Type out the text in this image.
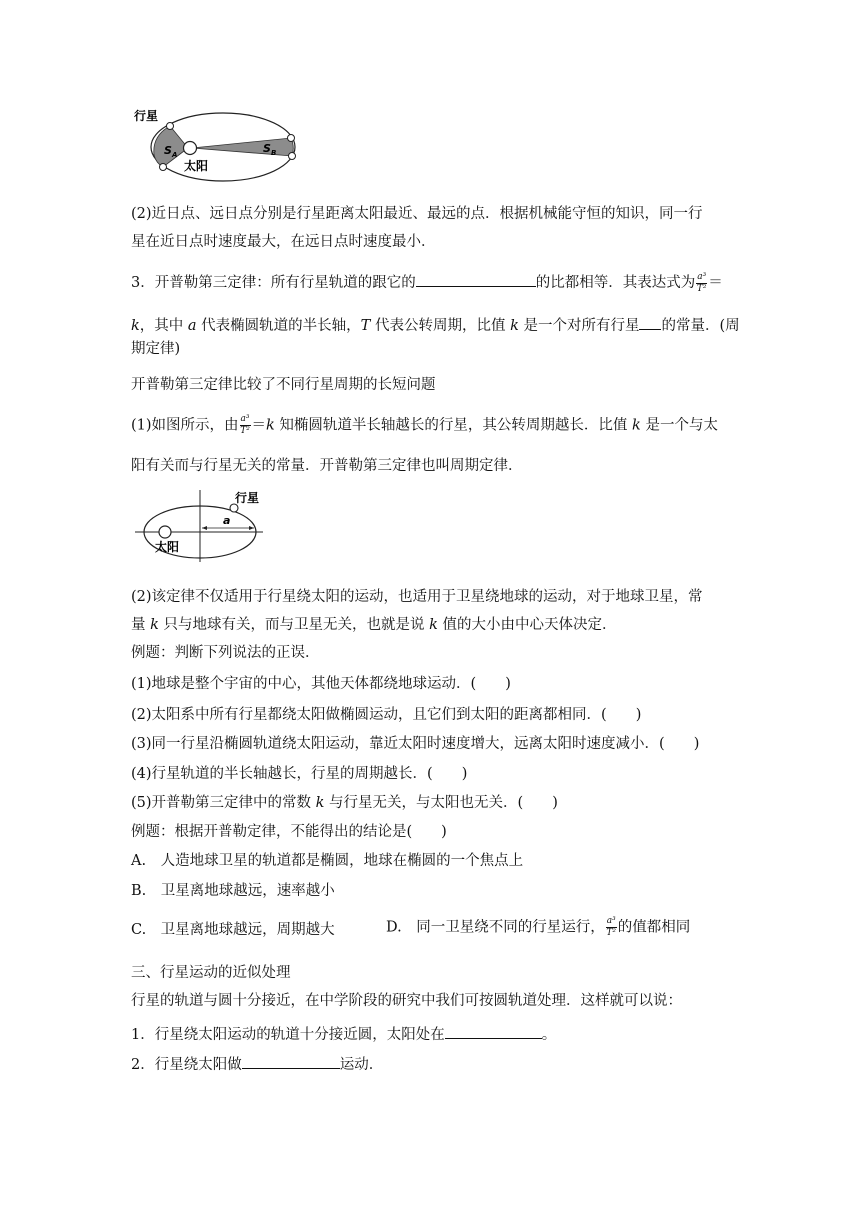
行星
太阳
$S_A$	$S_B$
(2)近日点、远日点分别是行星距离太阳最近、最远的点．根据机械能守恒的知识，同一行
星在近日点时速度最大，在远日点时速度最小．
3．开普勒第三定律：所有行星轨道的跟它的	的比都相等．其表达式为 $\frac{\text{a³}}{\text{T²}}$ ＝
k，其中 a 代表椭圆轨道的半长轴，T 代表公转周期，比值 k 是一个对所有行星 的常量．(周
期定律)
开普勒第三定律比较了不同行星周期的长短问题
(1)如图所示，由 $\frac{\text{a³}}{\text{T²}} =k$ 知椭圆轨道半长轴越长的行星，其公转周期越长．比值 k 是一个与太
阳有关而与行星无关的常量．开普勒第三定律也叫周期定律．
行星
太阳
a
(2)该定律不仅适用于行星绕太阳的运动，也适用于卫星绕地球的运动，对于地球卫星，常
量 k 只与地球有关，而与卫星无关，也就是说 k 值的大小由中心天体决定．
例题：判断下列说法的正误．
(1)地球是整个宇宙的中心，其他天体都绕地球运动．(　　)
(2)太阳系中所有行星都绕太阳做椭圆运动，且它们到太阳的距离都相同．(　　)
(3)同一行星沿椭圆轨道绕太阳运动，靠近太阳时速度增大，远离太阳时速度减小．(　　)
(4)行星轨道的半长轴越长，行星的周期越长．(　　)
(5)开普勒第三定律中的常数 k 与行星无关，与太阳也无关．(　　)
例题：根据开普勒定律，不能得出的结论是(　　)
A.　人造地球卫星的轨道都是椭圆，地球在椭圆的一个焦点上
B.　卫星离地球越远，速率越小
C.　卫星离地球越远，周期越大	D.　同一卫星绕不同的行星运行， $\frac{\text{a³}}{\text{T²}}$ 的值都相同
三、行星运动的近似处理
行星的轨道与圆十分接近，在中学阶段的研究中我们可按圆轨道处理．这样就可以说：
1．行星绕太阳运动的轨道十分接近圆，太阳处在	。
2．行星绕太阳做	运动．
